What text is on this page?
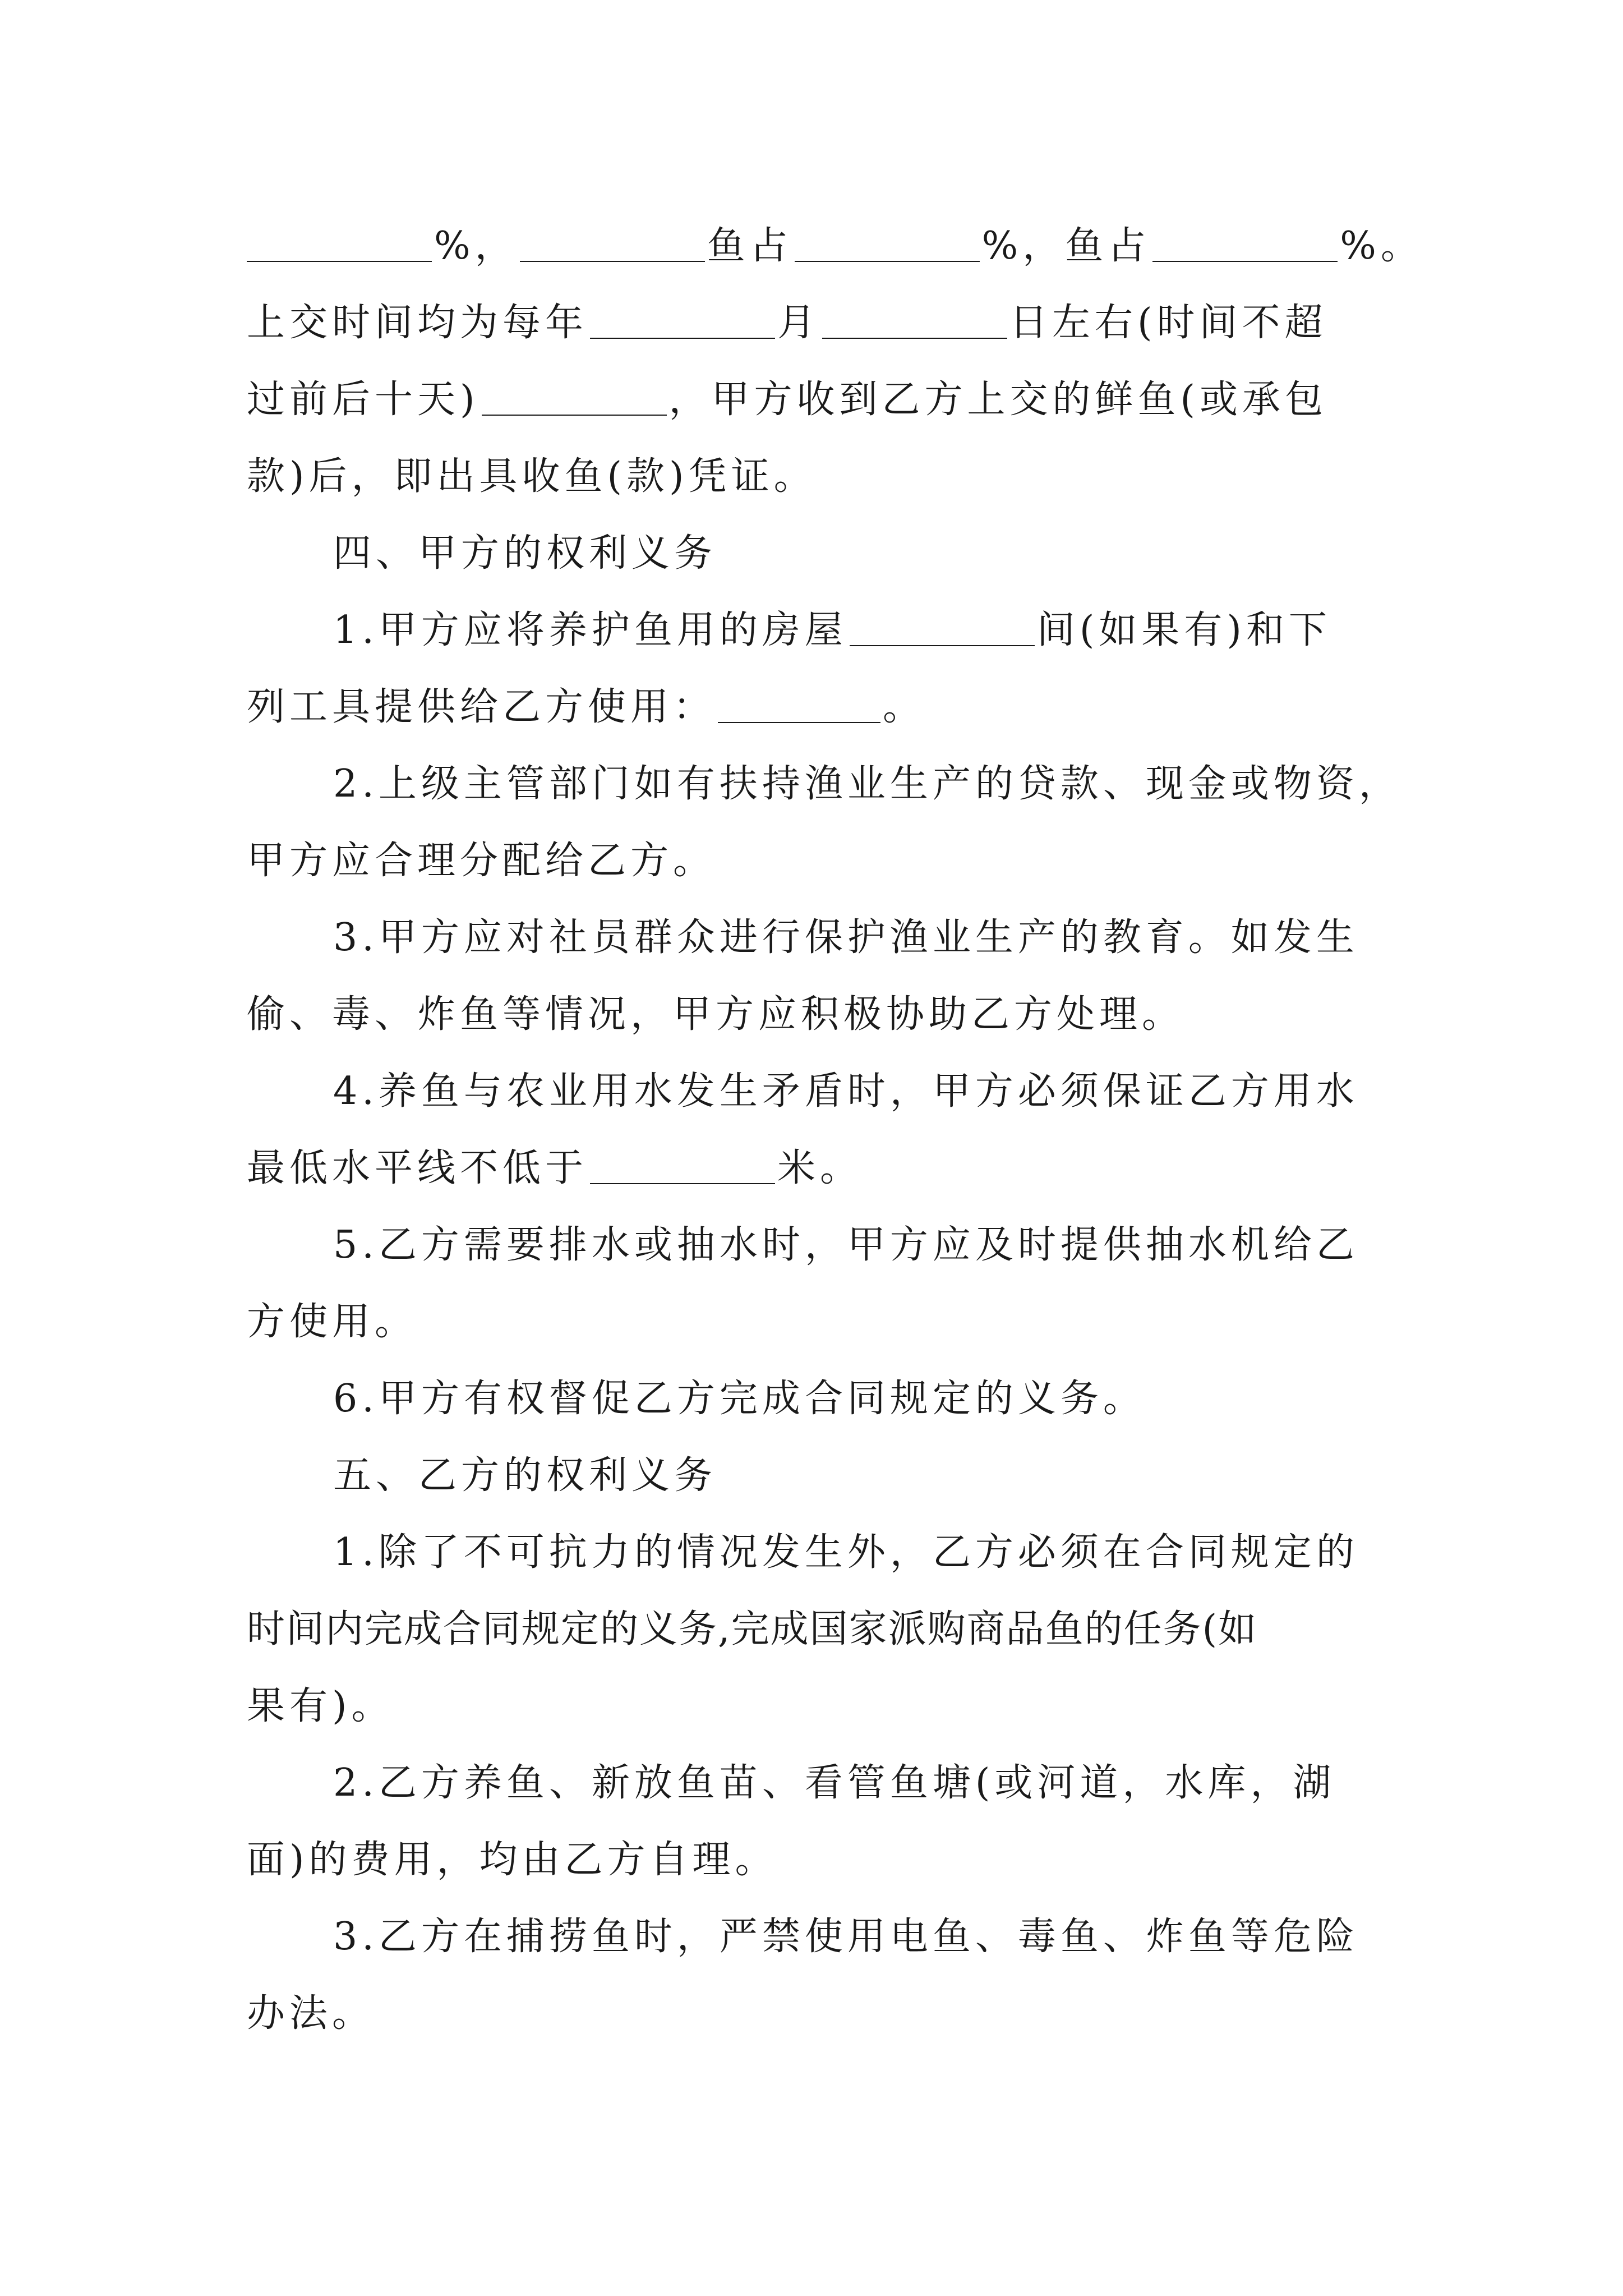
%，	鱼占	%，鱼占	%。
上交时间均为每年	月	日左右(时间不超
过前后十天)	，甲方收到乙方上交的鲜鱼(或承包
款)后，即出具收鱼(款)凭证。
四、甲方的权利义务
1.甲方应将养护鱼用的房屋	间(如果有)和下
列工具提供给乙方使用：	。
2.上级主管部门如有扶持渔业生产的贷款、现金或物资，
甲方应合理分配给乙方。
3.甲方应对社员群众进行保护渔业生产的教育。如发生
偷、毒、炸鱼等情况，甲方应积极协助乙方处理。
4.养鱼与农业用水发生矛盾时，甲方必须保证乙方用水
最低水平线不低于	米。
5.乙方需要排水或抽水时，甲方应及时提供抽水机给乙
方使用。
6.甲方有权督促乙方完成合同规定的义务。
五、乙方的权利义务
1.除了不可抗力的情况发生外，乙方必须在合同规定的
时间内完成合同规定的义务,完成国家派购商品鱼的任务(如
果有)。
2.乙方养鱼、新放鱼苗、看管鱼塘(或河道，水库，湖
面)的费用，均由乙方自理。
3.乙方在捕捞鱼时，严禁使用电鱼、毒鱼、炸鱼等危险
办法。
